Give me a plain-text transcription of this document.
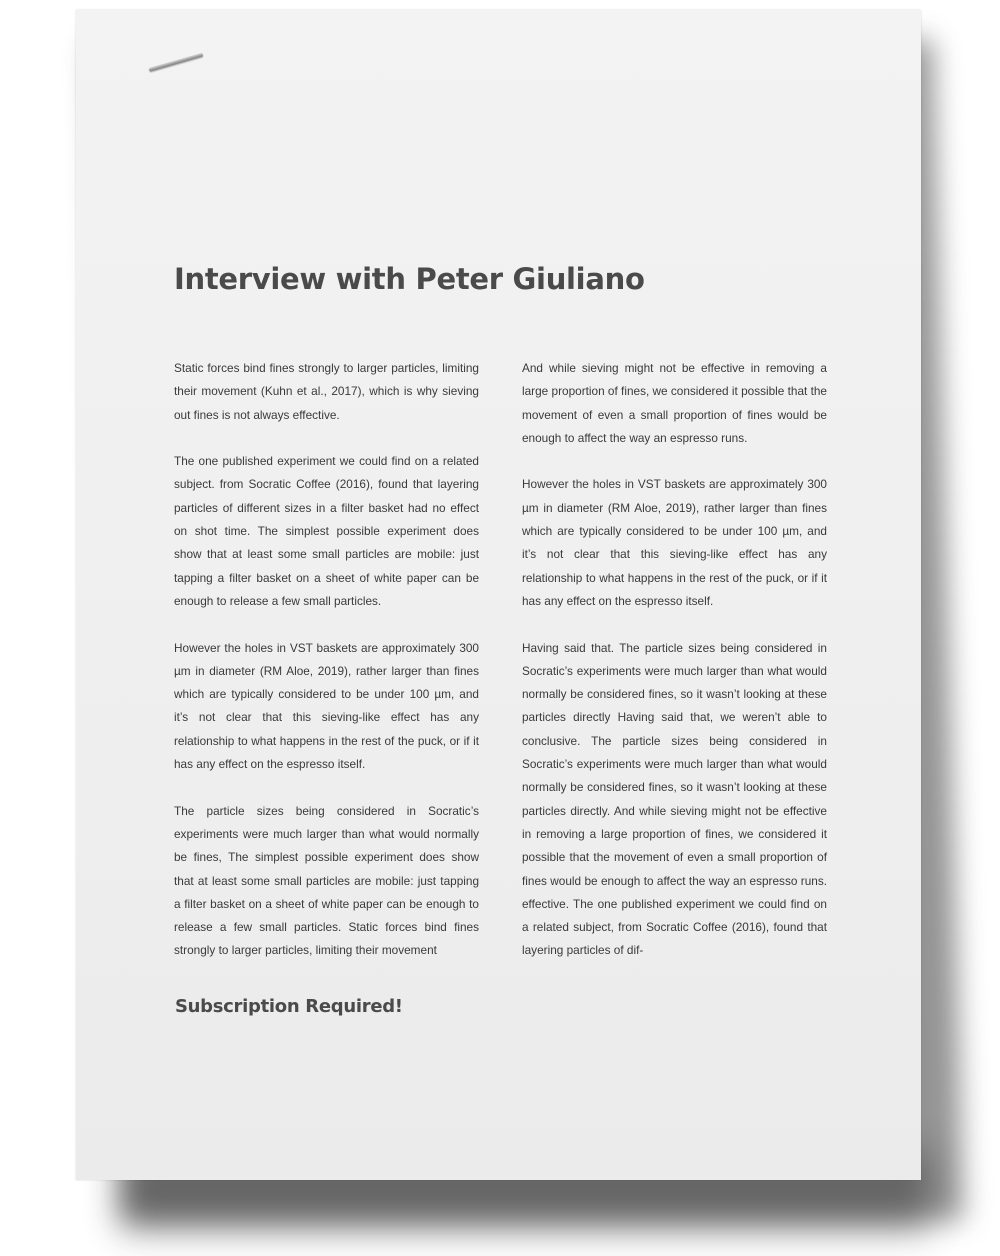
Interview with Peter Giuliano

Static forces bind fines strongly to larger particles, limiting their movement (Kuhn et al., 2017), which is why sieving out fines is not always effective.

The one published experiment we could find on a related subject. from Socratic Coffee (2016), found that layering particles of different sizes in a filter basket had no effect on shot time. The simplest possible experiment does show that at least some small particles are mobile: just tapping a filter basket on a sheet of white paper can be enough to release a few small particles.

However the holes in VST baskets are approximately 300 µm in diameter (RM Aloe, 2019), rather larger than fines which are typically considered to be under 100 µm, and it’s not clear that this sieving-like effect has any relationship to what happens in the rest of the puck, or if it has any effect on the espresso itself.

The particle sizes being considered in Socratic’s experiments were much larger than what would normally be fines, The simplest possible experiment does show that at least some small particles are mobile: just tapping a filter basket on a sheet of white paper can be enough to release a few small particles. Static forces bind fines strongly to larger particles, limiting their movement

And while sieving might not be effective in removing a large proportion of fines, we considered it possible that the movement of even a small proportion of fines would be enough to affect the way an espresso runs.

However the holes in VST baskets are approximately 300 µm in diameter (RM Aloe, 2019), rather larger than fines which are typically considered to be under 100 µm, and it’s not clear that this sieving-like effect has any relationship to what happens in the rest of the puck, or if it has any effect on the espresso itself.

Having said that. The particle sizes being considered in Socratic’s experiments were much larger than what would normally be considered fines, so it wasn’t looking at these particles directly Having said that, we weren’t able to conclusive. The particle sizes being considered in Socratic’s experiments were much larger than what would normally be considered fines, so it wasn’t looking at these particles directly. And while sieving might not be effective in removing a large proportion of fines, we considered it possible that the movement of even a small proportion of fines would be enough to affect the way an espresso runs. effective. The one published experiment we could find on a related subject, from Socratic Coffee (2016), found that layering particles of dif-

Subscription Required!
